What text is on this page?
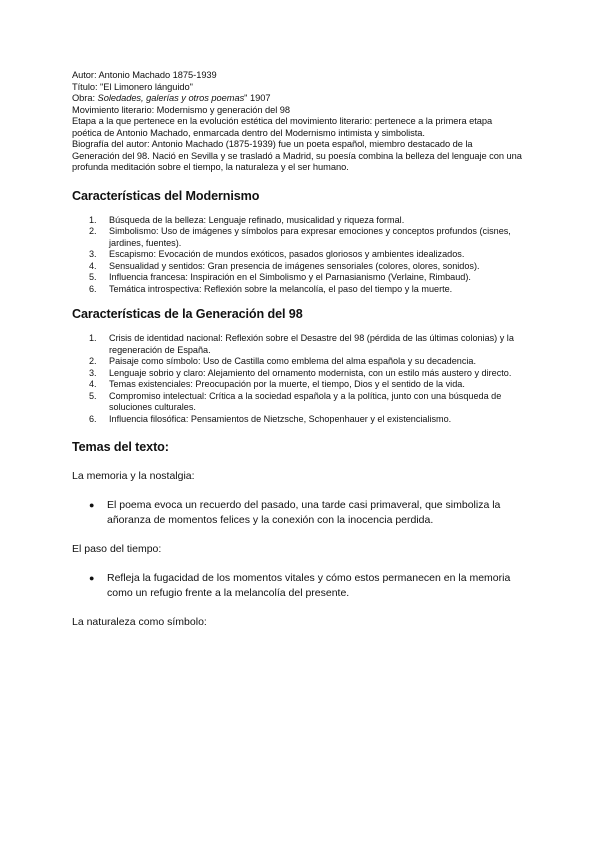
Autor: Antonio Machado 1875-1939

Título: "El Limonero lánguido"

Obra: Soledades, galerías y otros poemas" 1907

Movimiento literario: Modernismo y generación del 98

Etapa a la que pertenece en la evolución estética del movimiento literario: pertenece a la primera etapa poética de Antonio Machado, enmarcada dentro del Modernismo intimista y simbolista.

Biografía del autor: Antonio Machado (1875-1939) fue un poeta español, miembro destacado de la Generación del 98. Nació en Sevilla y se trasladó a Madrid, su poesía combina la belleza del lenguaje con una profunda meditación sobre el tiempo, la naturaleza y el ser humano.

Características del Modernismo
1. Búsqueda de la belleza: Lenguaje refinado, musicalidad y riqueza formal.
2. Simbolismo: Uso de imágenes y símbolos para expresar emociones y conceptos profundos (cisnes, jardines, fuentes).
3. Escapismo: Evocación de mundos exóticos, pasados gloriosos y ambientes idealizados.
4. Sensualidad y sentidos: Gran presencia de imágenes sensoriales (colores, olores, sonidos).
5. Influencia francesa: Inspiración en el Simbolismo y el Parnasianismo (Verlaine, Rimbaud).
6. Temática introspectiva: Reflexión sobre la melancolía, el paso del tiempo y la muerte.
Características de la Generación del 98
1. Crisis de identidad nacional: Reflexión sobre el Desastre del 98 (pérdida de las últimas colonias) y la regeneración de España.
2. Paisaje como símbolo: Uso de Castilla como emblema del alma española y su decadencia.
3. Lenguaje sobrio y claro: Alejamiento del ornamento modernista, con un estilo más austero y directo.
4. Temas existenciales: Preocupación por la muerte, el tiempo, Dios y el sentido de la vida.
5. Compromiso intelectual: Crítica a la sociedad española y a la política, junto con una búsqueda de soluciones culturales.
6. Influencia filosófica: Pensamientos de Nietzsche, Schopenhauer y el existencialismo.
Temas del texto:

La memoria y la nostalgia:

● El poema evoca un recuerdo del pasado, una tarde casi primaveral, que simboliza la añoranza de momentos felices y la conexión con la inocencia perdida.

El paso del tiempo:

● Refleja la fugacidad de los momentos vitales y cómo estos permanecen en la memoria como un refugio frente a la melancolía del presente.

La naturaleza como símbolo:
